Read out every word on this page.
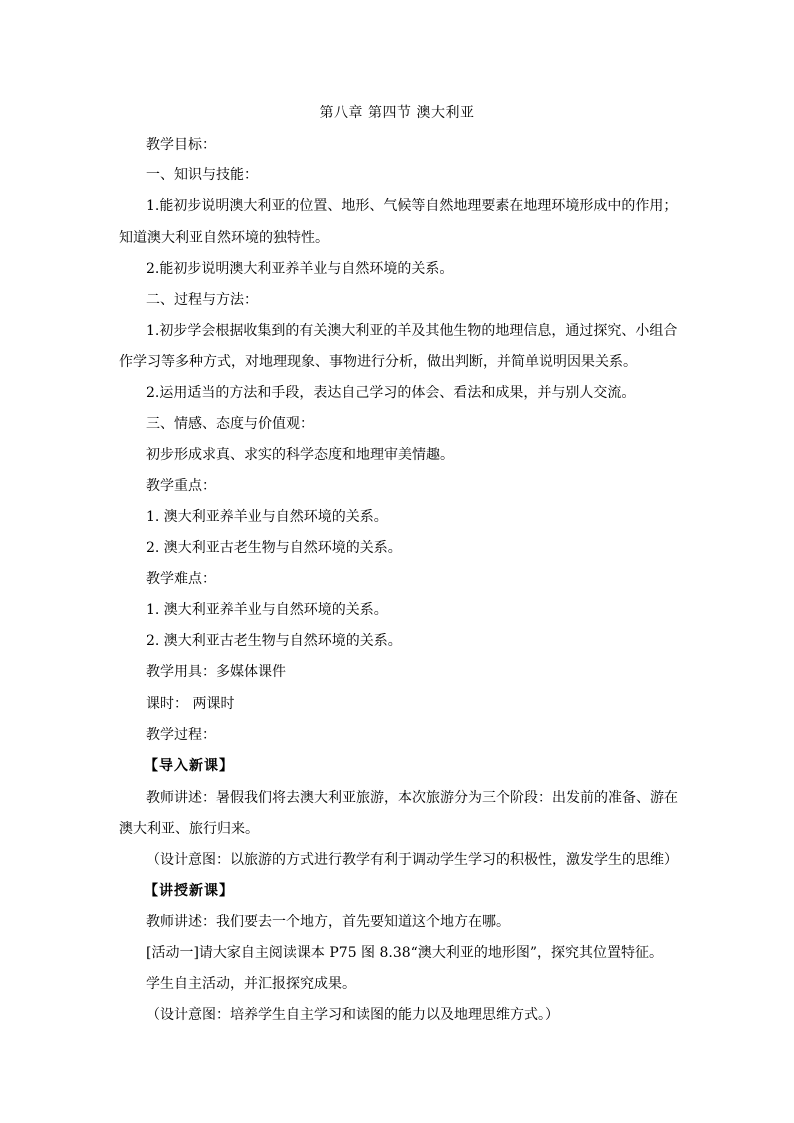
第八章 第四节 澳大利亚
教学目标：
一、知识与技能：
1.能初步说明澳大利亚的位置、地形、气候等自然地理要素在地理环境形成中的作用；
知道澳大利亚自然环境的独特性。
2.能初步说明澳大利亚养羊业与自然环境的关系。
二、过程与方法：
1.初步学会根据收集到的有关澳大利亚的羊及其他生物的地理信息，通过探究、小组合
作学习等多种方式，对地理现象、事物进行分析，做出判断，并简单说明因果关系。
2.运用适当的方法和手段，表达自己学习的体会、看法和成果，并与别人交流。
三、情感、态度与价值观：
初步形成求真、求实的科学态度和地理审美情趣。
教学重点：
1. 澳大利亚养羊业与自然环境的关系。
2. 澳大利亚古老生物与自然环境的关系。
教学难点：
1. 澳大利亚养羊业与自然环境的关系。
2. 澳大利亚古老生物与自然环境的关系。
教学用具：多媒体课件
课时： 两课时
教学过程：
【导入新课】
教师讲述：暑假我们将去澳大利亚旅游，本次旅游分为三个阶段：出发前的准备、游在
澳大利亚、旅行归来。
（设计意图：以旅游的方式进行教学有利于调动学生学习的积极性，激发学生的思维）
【讲授新课】
教师讲述：我们要去一个地方，首先要知道这个地方在哪。
[活动一]请大家自主阅读课本 P75 图 8.38“澳大利亚的地形图”，探究其位置特征。
学生自主活动，并汇报探究成果。
（设计意图：培养学生自主学习和读图的能力以及地理思维方式。）
